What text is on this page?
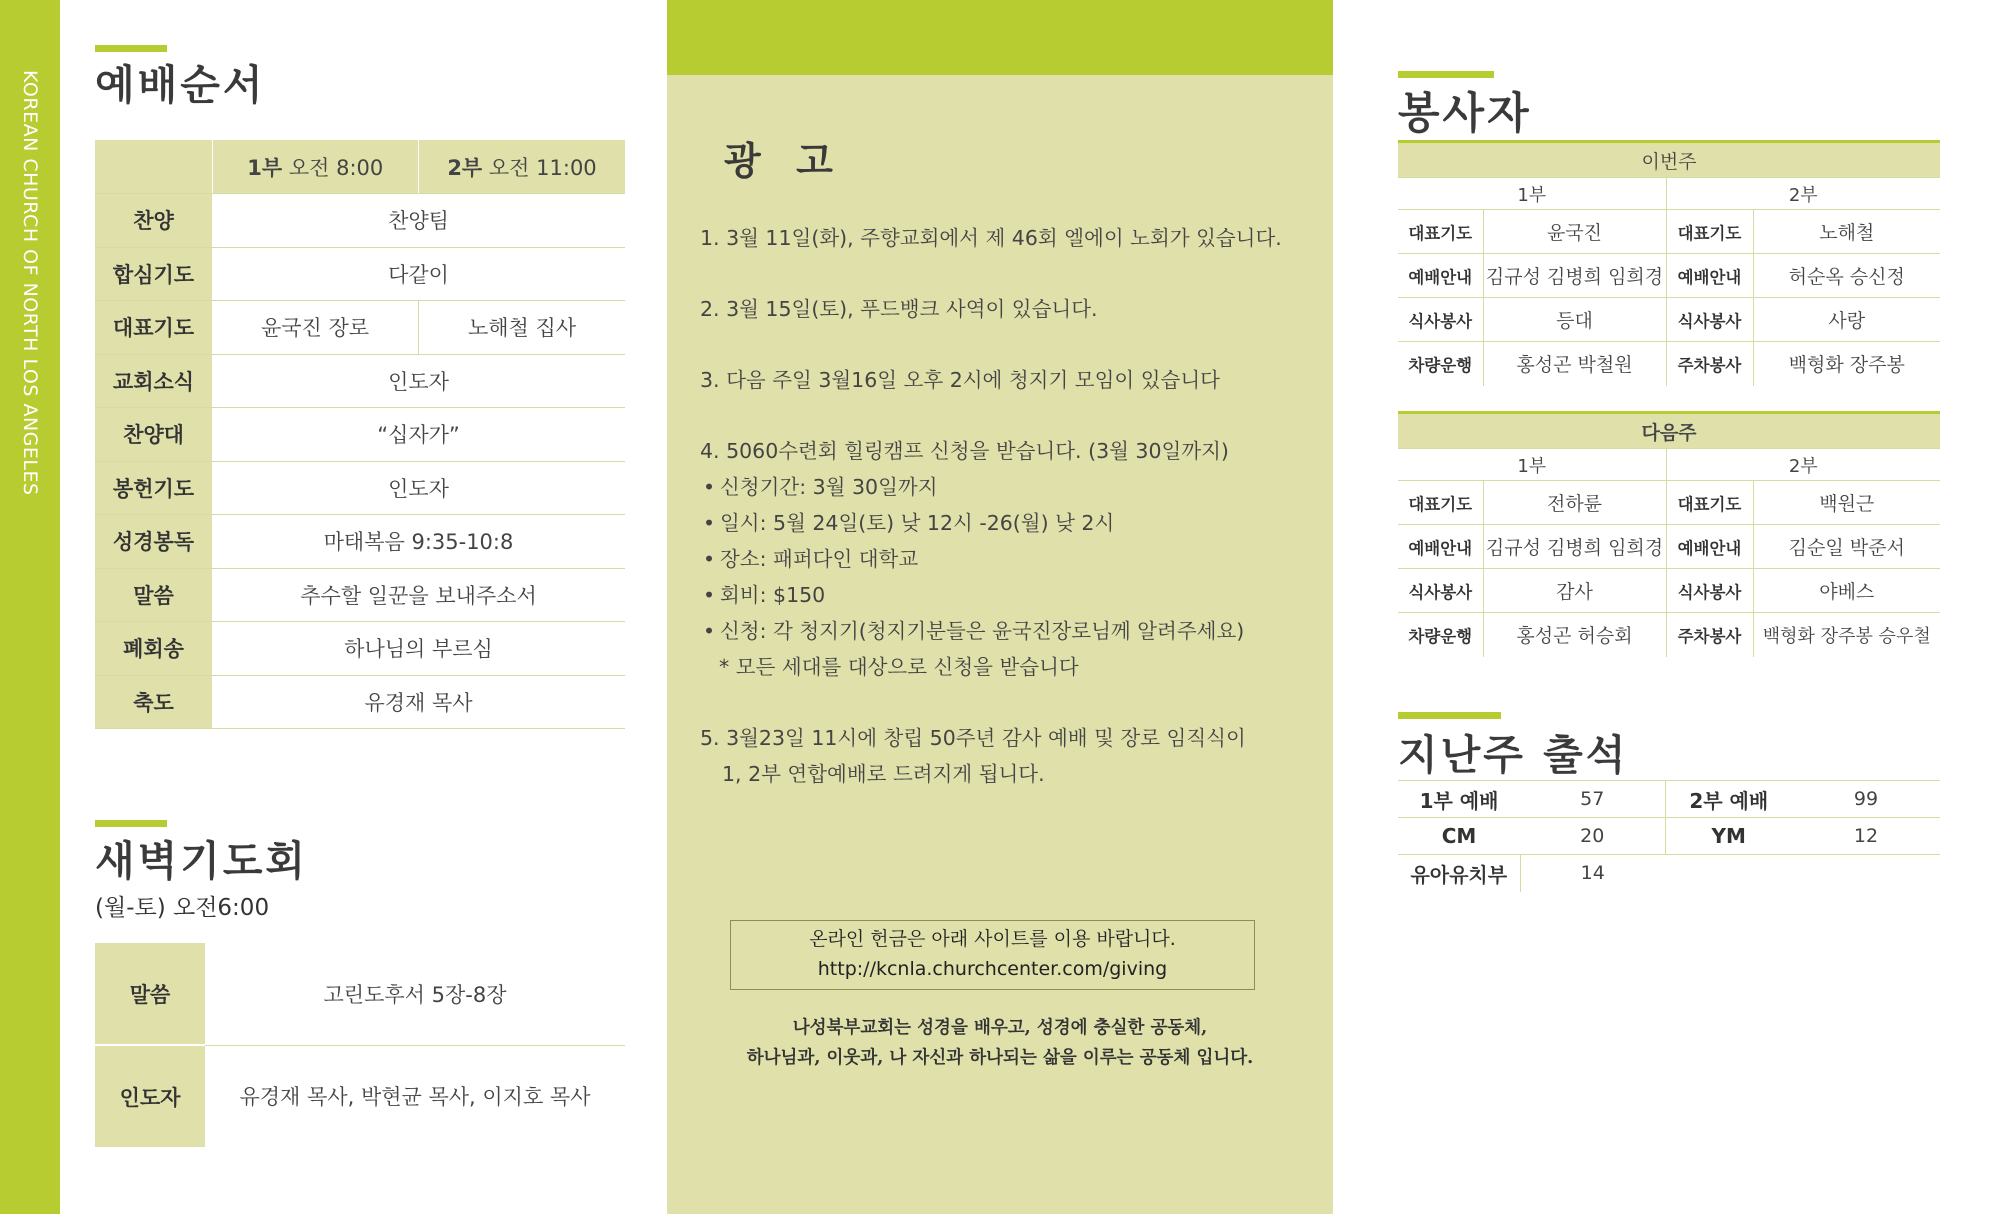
KOREAN CHURCH OF NORTH LOS ANGELES 예배순서
	1부 오전 8:00	2부 오전 11:00
찬양	찬양팀	
합심기도	다같이	
대표기도	윤국진 장로	노해철 집사
교회소식	인도자	
찬양대	“십자가”	
봉헌기도	인도자	
성경봉독	마태복음 9:35-10:8	
말씀	추수할 일꾼을 보내주소서	
폐회송	하나님의 부르심	
축도	유경재 목사	
새벽기도회
(월-토) 오전6:00
말씀	고린도후서 5장-8장
인도자	유경재 목사, 박현균 목사, 이지호 목사
광  고
1. 3월 11일(화), 주향교회에서 제 46회 엘에이 노회가 있습니다.
2. 3월 15일(토), 푸드뱅크 사역이 있습니다.
3. 다음 주일 3월16일 오후 2시에 청지기 모임이 있습니다
4. 5060수련회 힐링캠프 신청을 받습니다. (3월 30일까지)
• 신청기간: 3월 30일까지
• 일시: 5월 24일(토) 낮 12시 -26(월) 낮 2시
• 장소: 패퍼다인 대학교
• 회비: $150
• 신청: 각 청지기(청지기분들은 윤국진장로님께 알려주세요)
* 모든 세대를 대상으로 신청을 받습니다
5. 3월23일 11시에 창립 50주년 감사 예배 및 장로 임직식이
1, 2부 연합예배로 드려지게 됩니다.
온라인 헌금은 아래 사이트를 이용 바랍니다.
http://kcnla.churchcenter.com/giving
나성북부교회는 성경을 배우고, 성경에 충실한 공동체,
하나님과, 이웃과, 나 자신과 하나되는 삶을 이루는 공동체 입니다.
봉사자
이번주			
1부		2부	
대표기도	윤국진	대표기도	노해철
예배안내	김규성 김병희 임희경	예배안내	허순옥 승신정
식사봉사	등대	식사봉사	사랑
차량운행	홍성곤 박철원	주차봉사	백형화 장주봉
다음주			
1부		2부	
대표기도	전하륜	대표기도	백원근
예배안내	김규성 김병희 임희경	예배안내	김순일 박준서
식사봉사	감사	식사봉사	야베스
차량운행	홍성곤 허승회	주차봉사	백형화 장주봉 승우철
지난주 출석
1부 예배	57	2부 예배	99
CM	20	YM	12
유아유치부	14		
